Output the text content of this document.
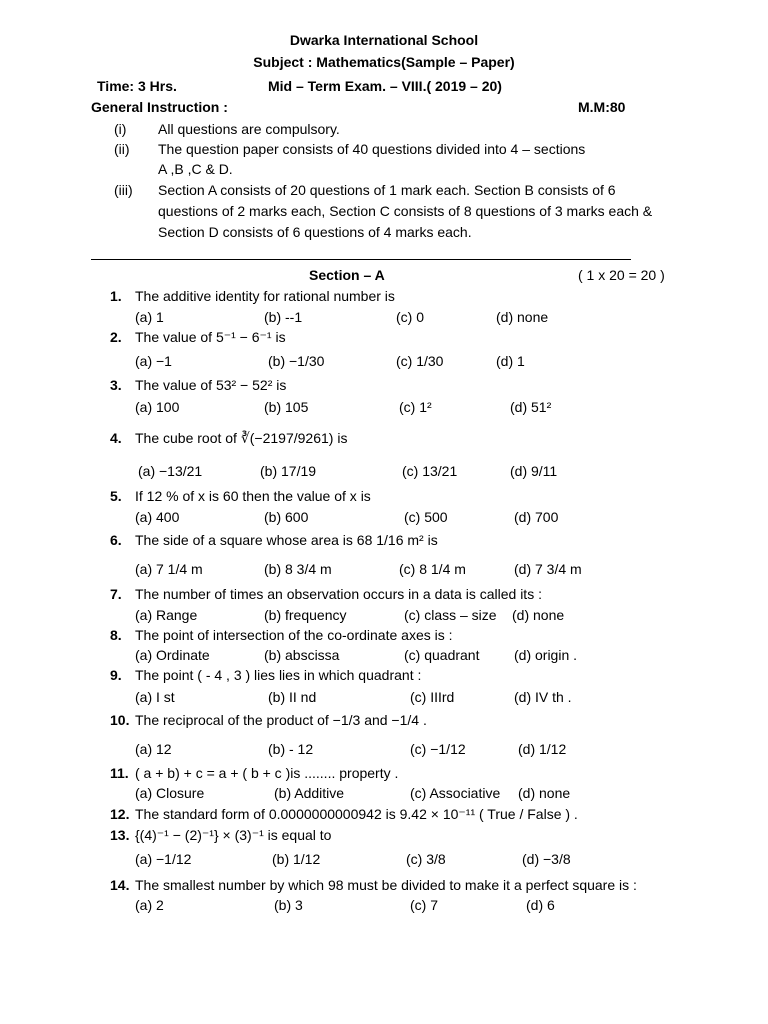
Dwarka International School
Subject : Mathematics(Sample – Paper)
Time: 3 Hrs.	Mid – Term Exam. – VIII.( 2019 – 20)
General Instruction :	M.M:80
(i) All questions are compulsory.
(ii) The question paper consists of 40 questions divided into 4 – sections
A ,B ,C & D.
(iii) Section A consists of 20 questions of 1 mark each. Section B consists of 6
questions of 2 marks each, Section C consists of 8 questions of 3 marks each &
Section D consists of 6 questions of 4 marks each.
Section – A	( 1 x 20 = 20 )
1. The additive identity for rational number is
(a) 1	(b) --1	(c) 0	(d) none
2. The value of 5⁻¹ − 6⁻¹ is
(a) −1	(b) −1/30	(c) 1/30	(d) 1
3. The value of 53² − 52² is
(a) 100	(b) 105	(c) 1²	(d) 51²
4. The cube root of ∛(−2197/9261) is
(a) −13/21	(b) 17/19	(c) 13/21	(d) 9/11
5. If 12 % of x is 60 then the value of x is
(a) 400	(b) 600	(c) 500	(d) 700
6. The side of a square whose area is 68 1/16 m² is
(a) 7 1/4 m	(b) 8 3/4 m	(c) 8 1/4 m	(d) 7 3/4 m
7. The number of times an observation occurs in a data is called its :
(a) Range	(b) frequency	(c) class – size (d) none
8. The point of intersection of the co-ordinate axes is :
(a) Ordinate	(b) abscissa	(c) quadrant (d) origin .
9. The point ( - 4 , 3 ) lies lies in which quadrant :
(a) I st	(b) II nd	(c) IIIrd	(d) IV th .
10. The reciprocal of the product of −1/3 and −1/4 .
(a) 12	(b) - 12	(c) −1/12	(d) 1/12
11. ( a + b) + c = a + ( b + c )is ........ property .
(a) Closure	(b) Additive	(c) Associative (d) none
12. The standard form of 0.0000000000942 is 9.42 × 10⁻¹¹ ( True / False ) .
13. {(4)⁻¹ − (2)⁻¹} × (3)⁻¹ is equal to
(a) −1/12	(b) 1/12	(c) 3/8	(d) −3/8
14. The smallest number by which 98 must be divided to make it a perfect square is :
(a) 2	(b) 3	(c) 7	(d) 6
